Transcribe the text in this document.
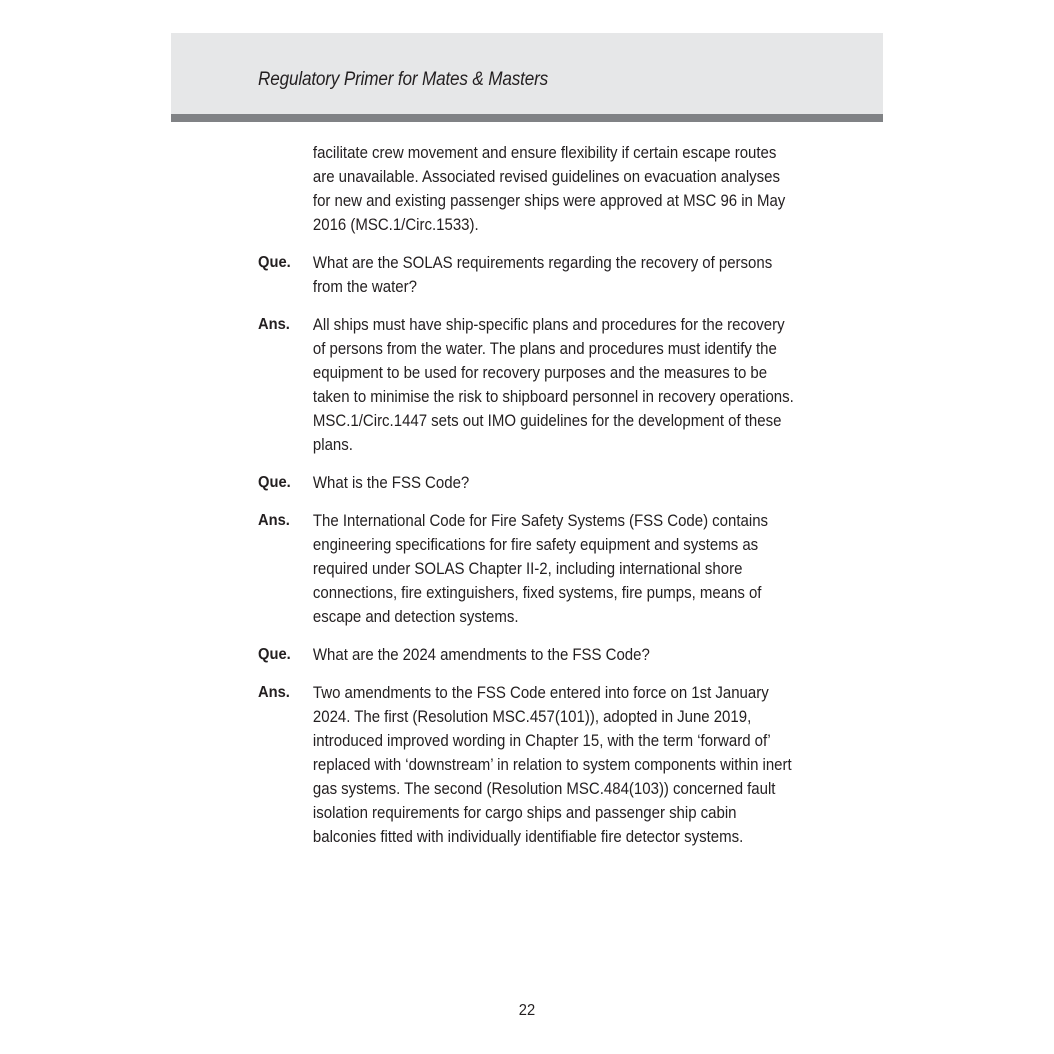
Regulatory Primer for Mates & Masters

facilitate crew movement and ensure flexibility if certain escape routes are unavailable. Associated revised guidelines on evacuation analyses for new and existing passenger ships were approved at MSC 96 in May 2016 (MSC.1/Circ.1533).

Que.	What are the SOLAS requirements regarding the recovery of persons from the water?

Ans.	All ships must have ship-specific plans and procedures for the recovery of persons from the water. The plans and procedures must identify the equipment to be used for recovery purposes and the measures to be taken to minimise the risk to shipboard personnel in recovery operations. MSC.1/Circ.1447 sets out IMO guidelines for the development of these plans.

Que.	What is the FSS Code?

Ans.	The International Code for Fire Safety Systems (FSS Code) contains engineering specifications for fire safety equipment and systems as required under SOLAS Chapter II-2, including international shore connections, fire extinguishers, fixed systems, fire pumps, means of escape and detection systems.

Que.	What are the 2024 amendments to the FSS Code?

Ans.	Two amendments to the FSS Code entered into force on 1st January 2024. The first (Resolution MSC.457(101)), adopted in June 2019, introduced improved wording in Chapter 15, with the term ‘forward of’ replaced with ‘downstream’ in relation to system components within inert gas systems. The second (Resolution MSC.484(103)) concerned fault isolation requirements for cargo ships and passenger ship cabin balconies fitted with individually identifiable fire detector systems.

22
